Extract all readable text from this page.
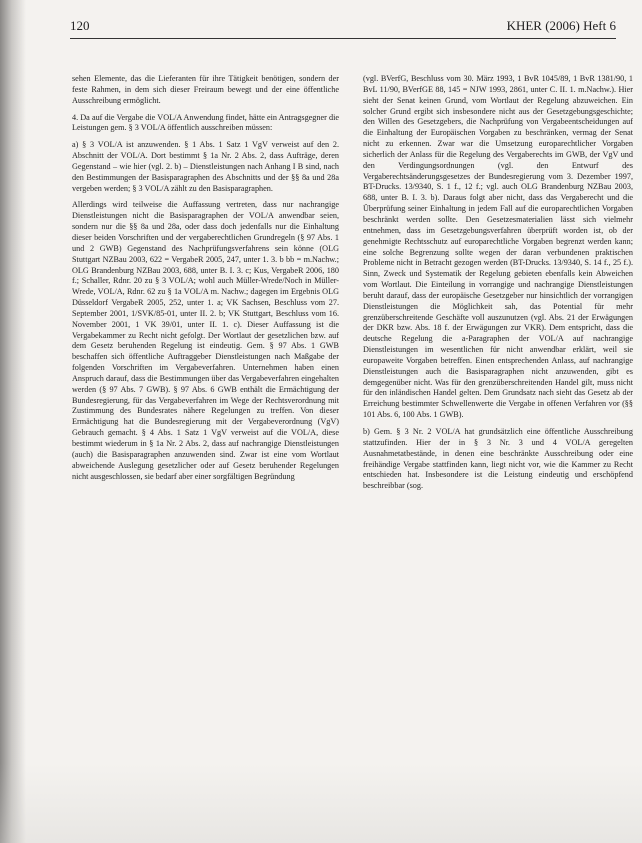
120	KHER (2006) Heft 6

sehen Elemente, das die Lieferanten für ihre Tätigkeit benötigen, sondern der feste Rahmen, in dem sich dieser Freiraum bewegt und der eine öffentliche Ausschreibung ermöglicht.

4. Da auf die Vergabe die VOL/A Anwendung findet, hätte ein Antragsgegner die Leistungen gem. § 3 VOL/A öffentlich ausschreiben müssen:

a) § 3 VOL/A ist anzuwenden. § 1 Abs. 1 Satz 1 VgV verweist auf den 2. Abschnitt der VOL/A. Dort bestimmt § 1a Nr. 2 Abs. 2, dass Aufträge, deren Gegenstand – wie hier (vgl. 2. b) – Dienstleistungen nach Anhang I B sind, nach den Bestimmungen der Basisparagraphen des Abschnitts und der §§ 8a und 28a vergeben werden; § 3 VOL/A zählt zu den Basisparagraphen.

Allerdings wird teilweise die Auffassung vertreten, dass nur nachrangige Dienstleistungen nicht die Basisparagraphen der VOL/A anwendbar seien, sondern nur die §§ 8a und 28a, oder dass doch jedenfalls nur die Einhaltung dieser beiden Vorschriften und der vergaberechtlichen Grundregeln (§ 97 Abs. 1 und 2 GWB) Gegenstand des Nachprüfungsverfahrens sein könne (OLG Stuttgart NZBau 2003, 622 = VergabeR 2005, 247, unter 1. 3. b bb = m.Nachw.; OLG Brandenburg NZBau 2003, 688, unter B. I. 3. c; Kus, VergabeR 2006, 180 f.; Schaller, Rdnr. 20 zu § 3 VOL/A; wohl auch Müller-Wrede/Noch in Müller-Wrede, VOL/A, Rdnr. 62 zu § 1a VOL/A m. Nachw.; dagegen im Ergebnis OLG Düsseldorf VergabeR 2005, 252, unter 1. a; VK Sachsen, Beschluss vom 27. September 2001, 1/SVK/85-01, unter II. 2. b; VK Stuttgart, Beschluss vom 16. November 2001, 1 VK 39/01, unter II. 1. c). Dieser Auffassung ist die Vergabekammer zu Recht nicht gefolgt. Der Wortlaut der gesetzlichen bzw. auf dem Gesetz beruhenden Regelung ist eindeutig. Gem. § 97 Abs. 1 GWB beschaffen sich öffentliche Auftraggeber Dienstleistungen nach Maßgabe der folgenden Vorschriften im Vergabeverfahren. Unternehmen haben einen Anspruch darauf, dass die Bestimmungen über das Vergabeverfahren eingehalten werden (§ 97 Abs. 7 GWB). § 97 Abs. 6 GWB enthält die Ermächtigung der Bundesregierung, für das Vergabeverfahren im Wege der Rechtsverordnung mit Zustimmung des Bundesrates nähere Regelungen zu treffen. Von dieser Ermächtigung hat die Bundesregierung mit der Vergabeverordnung (VgV) Gebrauch gemacht. § 4 Abs. 1 Satz 1 VgV verweist auf die VOL/A, diese bestimmt wiederum in § 1a Nr. 2 Abs. 2, dass auf nachrangige Dienstleistungen (auch) die Basisparagraphen anzuwenden sind. Zwar ist eine vom Wortlaut abweichende Auslegung gesetzlicher oder auf Gesetz beruhender Regelungen nicht ausgeschlossen, sie bedarf aber einer sorgfältigen Begründung

(vgl. BVerfG, Beschluss vom 30. März 1993, 1 BvR 1045/89, 1 BvR 1381/90, 1 BvL 11/90, BVerfGE 88, 145 = NJW 1993, 2861, unter C. II. 1. m.Nachw.). Hier sieht der Senat keinen Grund, vom Wortlaut der Regelung abzuweichen. Ein solcher Grund ergibt sich insbesondere nicht aus der Gesetzgebungsgeschichte; den Willen des Gesetzgebers, die Nachprüfung von Vergabeentscheidungen auf die Einhaltung der Europäischen Vorgaben zu beschränken, vermag der Senat nicht zu erkennen. Zwar war die Umsetzung europarechtlicher Vorgaben sicherlich der Anlass für die Regelung des Vergaberechts im GWB, der VgV und den Verdingungsordnungen (vgl. den Entwurf des Vergaberechtsänderungsgesetzes der Bundesregierung vom 3. Dezember 1997, BT-Drucks. 13/9340, S. 1 f., 12 f.; vgl. auch OLG Brandenburg NZBau 2003, 688, unter B. I. 3. b). Daraus folgt aber nicht, dass das Vergaberecht und die Überprüfung seiner Einhaltung in jedem Fall auf die europarechtlichen Vorgaben beschränkt werden sollte. Den Gesetzesmaterialien lässt sich vielmehr entnehmen, dass im Gesetzgebungsverfahren überprüft worden ist, ob der genehmigte Rechtsschutz auf europarechtliche Vorgaben begrenzt werden kann; eine solche Begrenzung sollte wegen der daran verbundenen praktischen Probleme nicht in Betracht gezogen werden (BT-Drucks. 13/9340, S. 14 f., 25 f.). Sinn, Zweck und Systematik der Regelung gebieten ebenfalls kein Abweichen vom Wortlaut. Die Einteilung in vorrangige und nachrangige Dienstleistungen beruht darauf, dass der europäische Gesetzgeber nur hinsichtlich der vorrangigen Dienstleistungen die Möglichkeit sah, das Potential für mehr grenzüberschreitende Geschäfte voll auszunutzen (vgl. Abs. 21 der Erwägungen der DKR bzw. Abs. 18 f. der Erwägungen zur VKR). Dem entspricht, dass die deutsche Regelung die a-Paragraphen der VOL/A auf nachrangige Dienstleistungen im wesentlichen für nicht anwendbar erklärt, weil sie europaweite Vorgaben betreffen. Einen entsprechenden Anlass, auf nachrangige Dienstleistungen auch die Basisparagraphen nicht anzuwenden, gibt es demgegenüber nicht. Was für den grenzüberschreitenden Handel gilt, muss nicht für den inländischen Handel gelten. Dem Grundsatz nach sieht das Gesetz ab der Erreichung bestimmter Schwellenwerte die Vergabe in offenen Verfahren vor (§§ 101 Abs. 6, 100 Abs. 1 GWB).

b) Gem. § 3 Nr. 2 VOL/A hat grundsätzlich eine öffentliche Ausschreibung stattzufinden. Hier der in § 3 Nr. 3 und 4 VOL/A geregelten Ausnahmetatbestände, in denen eine beschränkte Ausschreibung oder eine freihändige Vergabe stattfinden kann, liegt nicht vor, wie die Kammer zu Recht entschieden hat. Insbesondere ist die Leistung eindeutig und erschöpfend beschreibbar (sog.
